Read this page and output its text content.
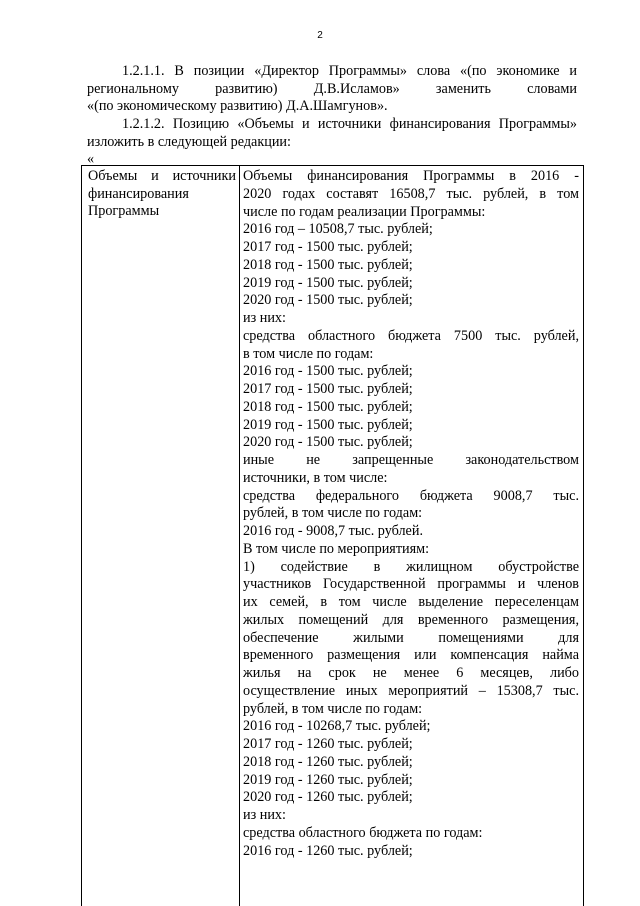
2
1.2.1.1. В позиции «Директор Программы» слова «(по экономике и
региональному развитию) Д.В.Исламов» заменить словами
«(по экономическому развитию) Д.А.Шамгунов».
1.2.1.2. Позицию «Объемы и источники финансирования Программы»
изложить в следующей редакции:
«
Объемы и источники
финансирования
Программы
Объемы финансирования Программы в 2016 -
2020 годах составят 16508,7 тыс. рублей, в том
числе по годам реализации Программы:
2016 год – 10508,7 тыс. рублей;
2017 год - 1500 тыс. рублей;
2018 год - 1500 тыс. рублей;
2019 год - 1500 тыс. рублей;
2020 год - 1500 тыс. рублей;
из них:
средства областного бюджета 7500 тыс. рублей,
в том числе по годам:
2016 год - 1500 тыс. рублей;
2017 год - 1500 тыс. рублей;
2018 год - 1500 тыс. рублей;
2019 год - 1500 тыс. рублей;
2020 год - 1500 тыс. рублей;
иные не запрещенные законодательством
источники, в том числе:
средства федерального бюджета 9008,7 тыс.
рублей, в том числе по годам:
2016 год - 9008,7 тыс. рублей.
В том числе по мероприятиям:
1) содействие в жилищном обустройстве
участников Государственной программы и членов
их семей, в том числе выделение переселенцам
жилых помещений для временного размещения,
обеспечение жилыми помещениями для
временного размещения или компенсация найма
жилья на срок не менее 6 месяцев, либо
осуществление иных мероприятий – 15308,7 тыс.
рублей, в том числе по годам:
2016 год - 10268,7 тыс. рублей;
2017 год - 1260 тыс. рублей;
2018 год - 1260 тыс. рублей;
2019 год - 1260 тыс. рублей;
2020 год - 1260 тыс. рублей;
из них:
средства областного бюджета по годам:
2016 год - 1260 тыс. рублей;
